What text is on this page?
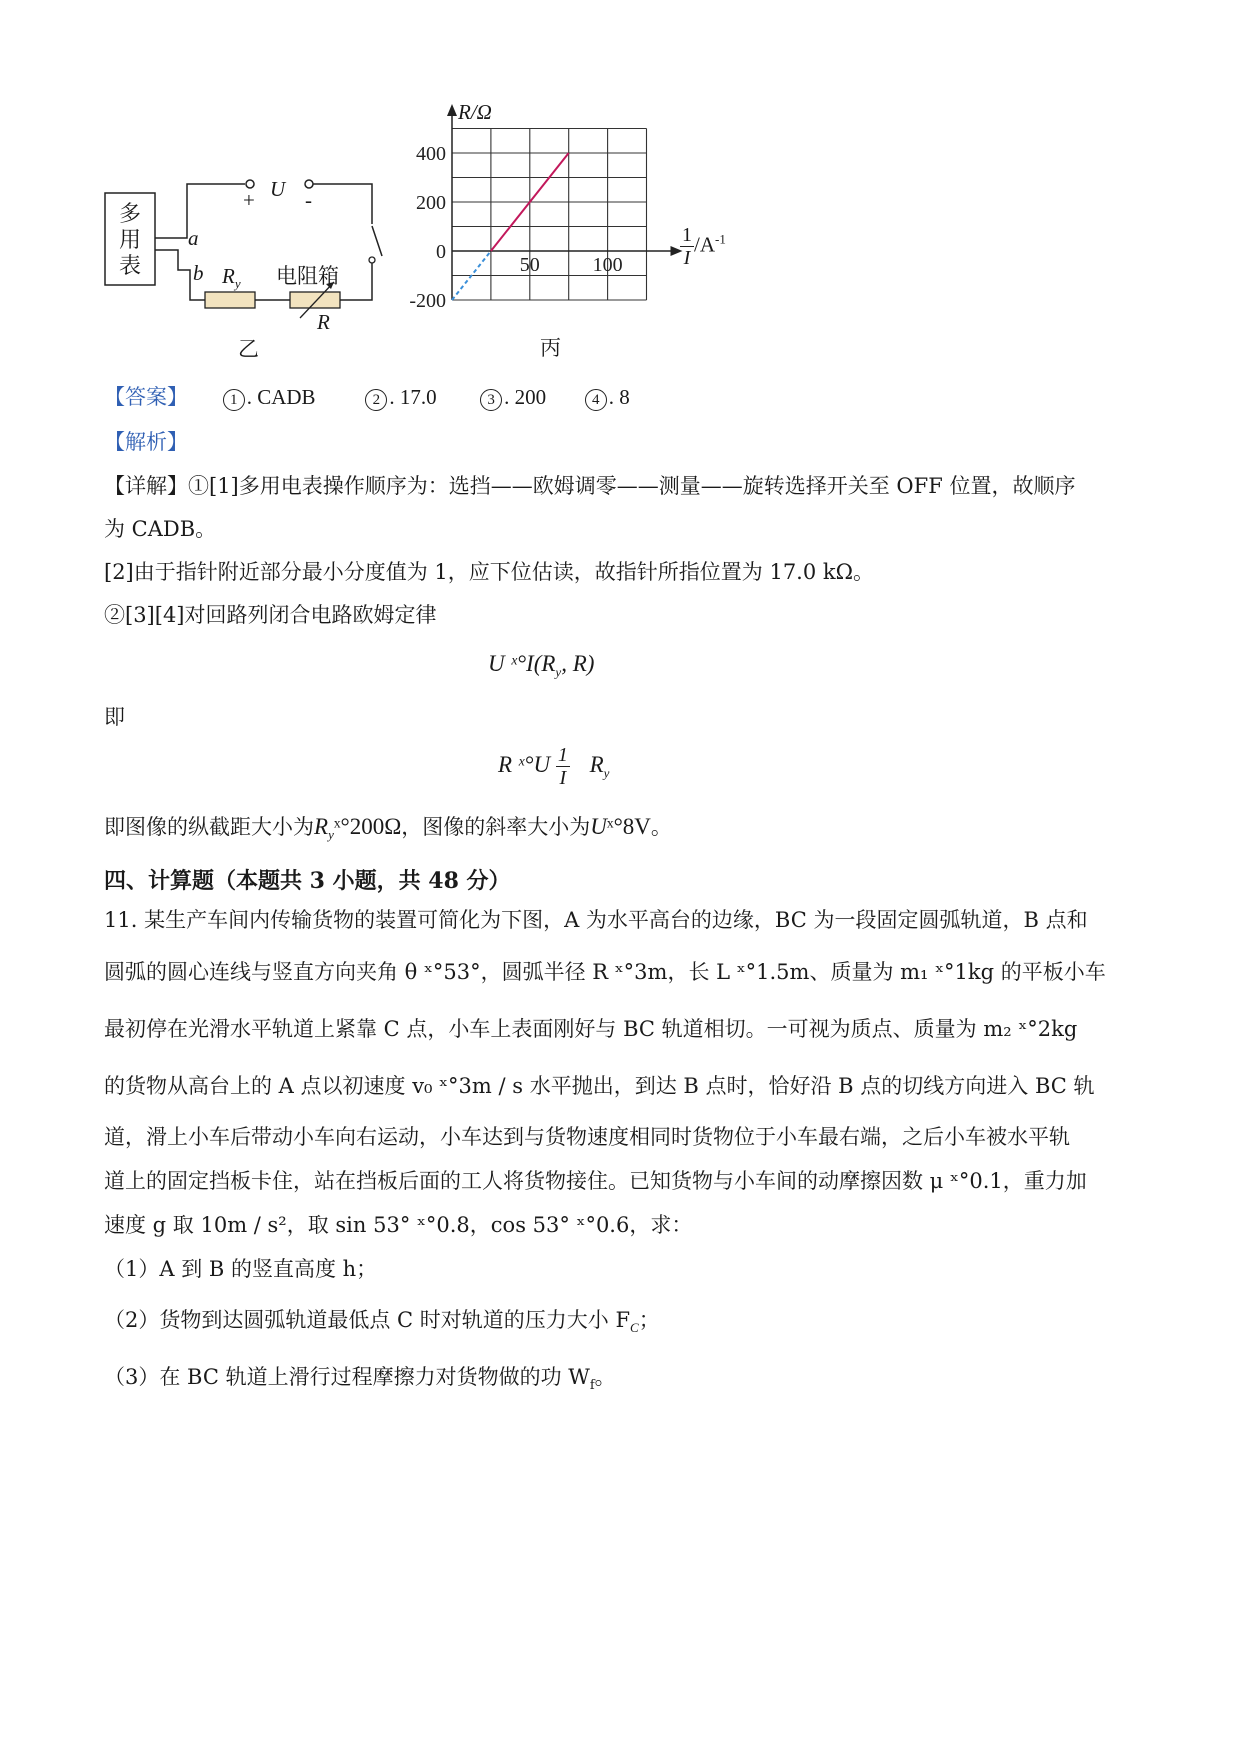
多
用
表
a
b
U
+ -
$R_y$ 电阻箱
R
乙
400
200
0
-200
50	100
R/Ω
$\frac{1}{I} /A^{-1}$
丙
【答案】	1 . CADB	2 . 17.0	3 . 200	4 . 8
【解析】
【详解】①[1]多用电表操作顺序为：选挡——欧姆调零——测量——旋转选择开关至 OFF 位置，故顺序
为 CADB。
[2]由于指针附近部分最小分度值为 1，应下位估读，故指针所指位置为 17.0 kΩ。
②[3][4]对回路列闭合电路欧姆定律
U $ˣ^\circ I(R_y$, R)
即
R ˣ°U $\frac{1}{I} R_y$
即图像的纵截距大小为$R_yˣ^\circ 200\Omega$，图像的斜率大小为Uˣ°8V。
四、计算题（本题共 3 小题，共 48 分）
11. 某生产车间内传输货物的装置可简化为下图，A 为水平高台的边缘，BC 为一段固定圆弧轨道，B 点和
圆弧的圆心连线与竖直方向夹角 θ ˣ°53°，圆弧半径 R ˣ°3m，长 L ˣ°1.5m、质量为 m₁ ˣ°1kg 的平板小车
最初停在光滑水平轨道上紧靠 C 点，小车上表面刚好与 BC 轨道相切。一可视为质点、质量为 m₂ ˣ°2kg
的货物从高台上的 A 点以初速度 v₀ ˣ°3m / s 水平抛出，到达 B 点时，恰好沿 B 点的切线方向进入 BC 轨
道，滑上小车后带动小车向右运动，小车达到与货物速度相同时货物位于小车最右端，之后小车被水平轨
道上的固定挡板卡住，站在挡板后面的工人将货物接住。已知货物与小车间的动摩擦因数 μ ˣ°0.1，重力加
速度 g 取 10m / s²，取 sin 53° ˣ°0.8，cos 53° ˣ°0.6，求：
（1）A 到 B 的竖直高度 h；
（2）货物到达圆弧轨道最低点 C 时对轨道的压力大小 $F_C$；
（3）在 BC 轨道上滑行过程摩擦力对货物做的功 $W_f$。
